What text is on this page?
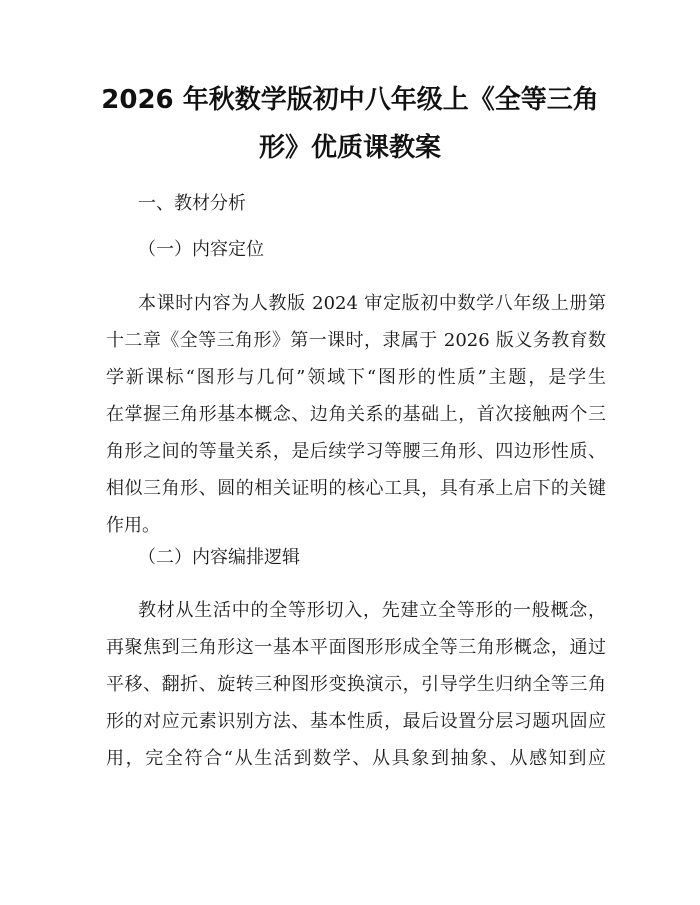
2026 年秋数学版初中八年级上《全等三角
形》优质课教案
一、教材分析
（一）内容定位
本课时内容为人教版 2024 审定版初中数学八年级上册第
十二章《全等三角形》第一课时，隶属于 2026 版义务教育数
学新课标“图形与几何”领域下“图形的性质”主题，是学生
在掌握三角形基本概念、边角关系的基础上，首次接触两个三
角形之间的等量关系，是后续学习等腰三角形、四边形性质、
相似三角形、圆的相关证明的核心工具，具有承上启下的关键
作用。
（二）内容编排逻辑
教材从生活中的全等形切入，先建立全等形的一般概念，
再聚焦到三角形这一基本平面图形形成全等三角形概念，通过
平移、翻折、旋转三种图形变换演示，引导学生归纳全等三角
形的对应元素识别方法、基本性质，最后设置分层习题巩固应
用，完全符合“从生活到数学、从具象到抽象、从感知到应
